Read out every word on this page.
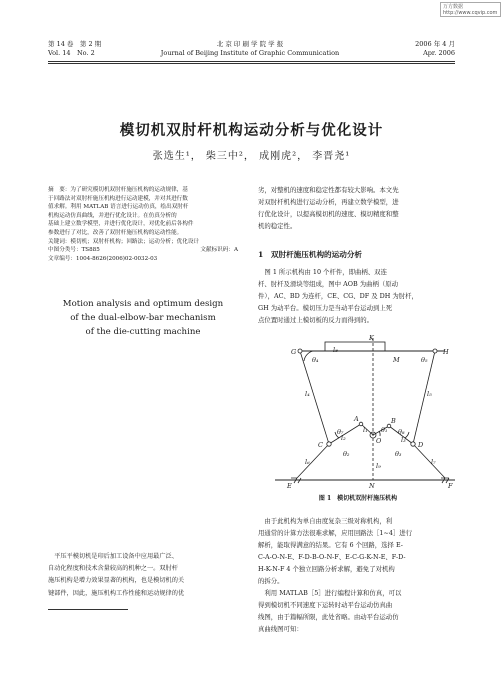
万方数据 http://www.cqvip.com
第 14 卷　第 2 期
Vol. 14　No. 2
北 京 印 刷 学 院 学 报
Journal of Beijing Institute of Graphic Communication
2006 年 4 月
Apr. 2006
模切机双肘杆机构运动分析与优化设计
张选生¹， 柴三中²， 成刚虎²， 李晋尧¹
摘　要：为了研究模切机双肘杆施压机构的运动规律，基
于回路法对双肘杆施压机构进行运动建模，并对其进行数
值求解。利用 MATLAB 语言进行运动仿真，绘出双肘杆
机构运动仿真曲线，并进行优化设计。在仿真分析的
基础上建立数学模型，并进行优化设计，对优化前后各构件
参数进行了对比，改善了双肘杆施压机构的运动性能。
关键词：模切机；双肘杆机构；回路法；运动分析；优化设计
中图分类号：TS885	文献标识码：A
文章编号：1004-8626(2006)02-0032-03
Motion analysis and optimum design
of the dual-elbow-bar mechanism
of the die-cutting machine
　平压平模切机是印后加工设备中应用最广泛、
自动化程度和技术含量较高的机种之一。双肘杆
施压机构是增力效果显著的机构，也是模切机的关
键部件，因此，施压机构工作性能和运动规律的优
劣，对整机的速度和稳定性都有较大影响。本文先
对双肘杆机构进行运动分析，再建立数学模型，进
行优化设计，以提高模切机的速度、模切精度和整
机的稳定性。
1　双肘杆施压机构的运动分析
　图 1 所示机构由 10 个杆件，即曲柄、双连
杆、肘杆及滑块等组成，图中 AOB 为曲柄（原动
件），AC、BD 为连杆，CE、CG、DF 及 DH 为肘杆，
GH 为动平台。模切压力是当动平台运动到上死
点位置时通过上模切板的反力而得到的。
K
M
G	H
C	D
A	B
O
E	F
N
θ₄	θ₅
θ₇	θ₈
θ₁
θ₂	θ₃
l₁
l₂	l₃
l₄	l₅
l₆	l₇
l₈
l₉
图 1　模切机双肘杆施压机构
　由于此机构为单自由度复杂三级对称机构，利
用通常的计算方法很难求解，应用回路法［1~4］进行
解析，能取得满意的结果。它有 6 个回路，选择 E-
C-A-O-N-E、F-D-B-O-N-F、E-C-G-K-N-E、F-D-
H-K-N-F 4 个独立回路分析求解，避免了对机构
的拆分。
　利用 MATLAB［5］进行编程计算和仿真，可以
得到模切机不同速度下运转时动平台运动仿真曲
线图，由于篇幅所限，此处省略。由动平台运动仿
真曲线图可知：
